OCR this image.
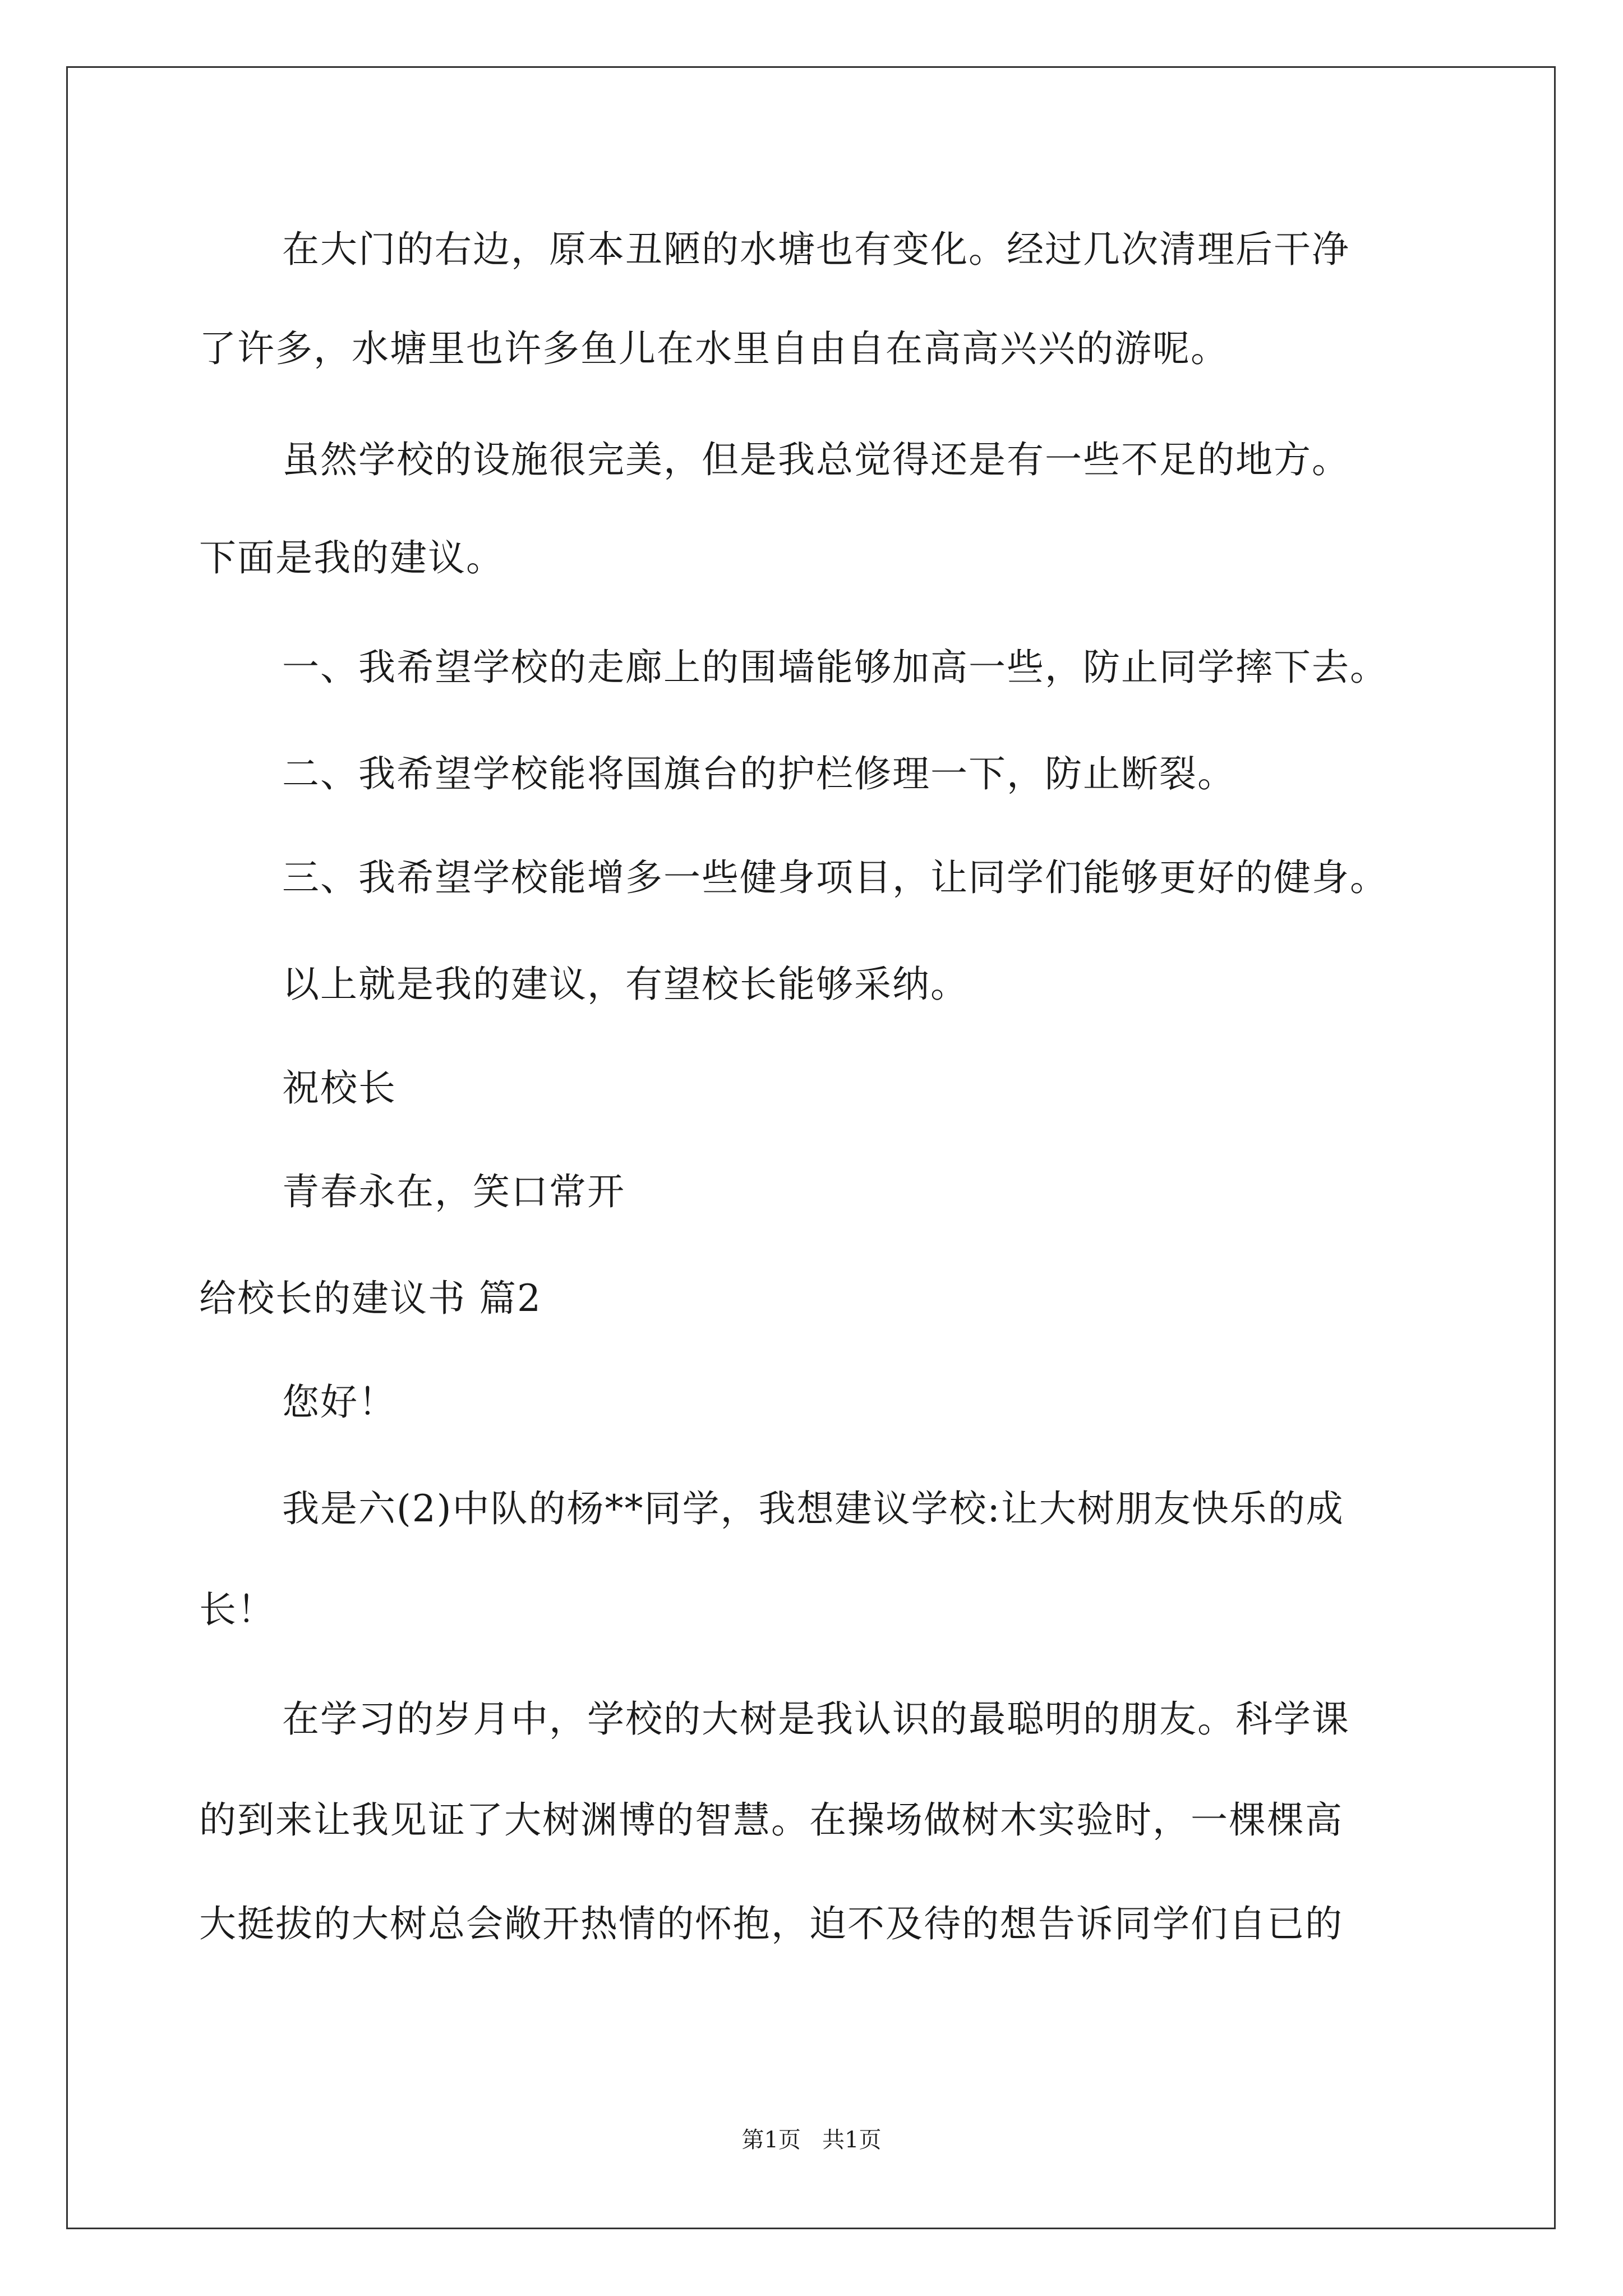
在大门的右边，原本丑陋的水塘也有变化。经过几次清理后干净
了许多，水塘里也许多鱼儿在水里自由自在高高兴兴的游呢。
虽然学校的设施很完美，但是我总觉得还是有一些不足的地方。
下面是我的建议。
一、我希望学校的走廊上的围墙能够加高一些，防止同学摔下去。
二、我希望学校能将国旗台的护栏修理一下，防止断裂。
三、我希望学校能增多一些健身项目，让同学们能够更好的健身。
以上就是我的建议，有望校长能够采纳。
祝校长
青春永在，笑口常开
给校长的建议书 篇2
您好！
我是六(2)中队的杨**同学，我想建议学校:让大树朋友快乐的成
长！
在学习的岁月中，学校的大树是我认识的最聪明的朋友。科学课
的到来让我见证了大树渊博的智慧。在操场做树木实验时，一棵棵高
大挺拔的大树总会敞开热情的怀抱，迫不及待的想告诉同学们自已的
第1页   共1页
